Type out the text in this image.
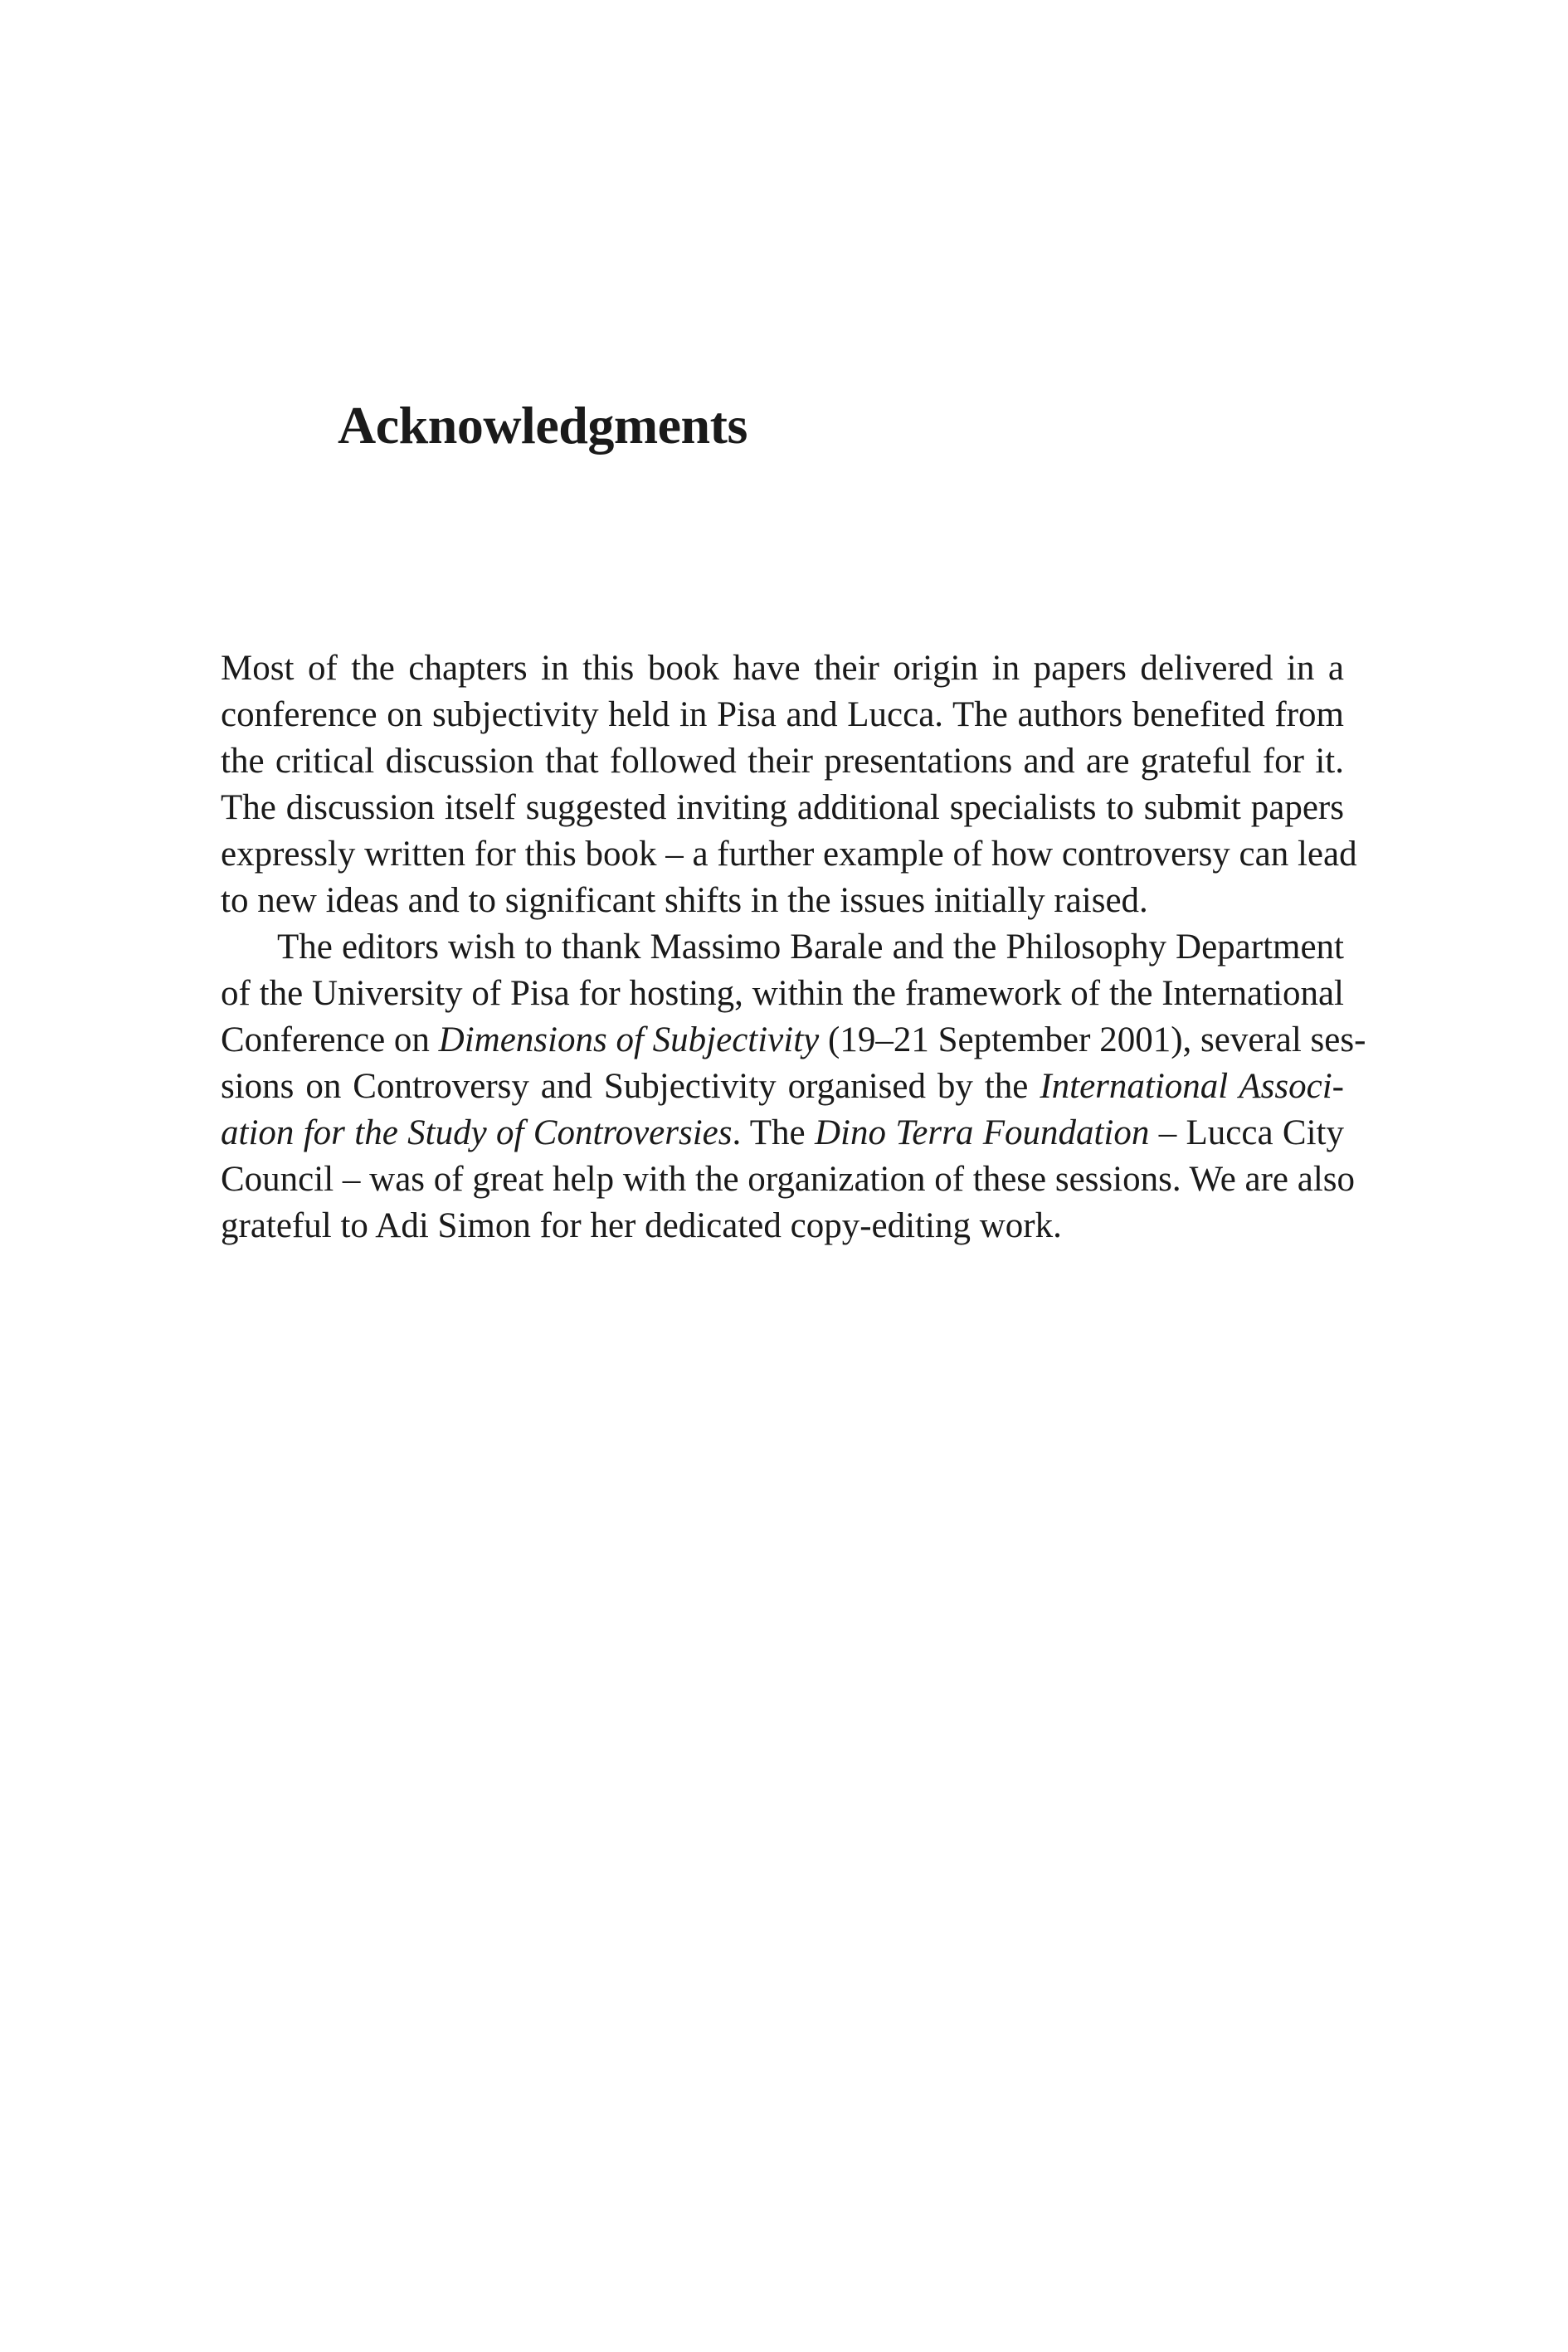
Acknowledgments

Most of the chapters in this book have their origin in papers delivered in a
conference on subjectivity held in Pisa and Lucca. The authors benefited from
the critical discussion that followed their presentations and are grateful for it.
The discussion itself suggested inviting additional specialists to submit papers
expressly written for this book – a further example of how controversy can lead
to new ideas and to significant shifts in the issues initially raised.

The editors wish to thank Massimo Barale and the Philosophy Department
of the University of Pisa for hosting, within the framework of the International
Conference on Dimensions of Subjectivity (19–21 September 2001), several ses-
sions on Controversy and Subjectivity organised by the International Associ-
ation for the Study of Controversies. The Dino Terra Foundation – Lucca City
Council – was of great help with the organization of these sessions. We are also
grateful to Adi Simon for her dedicated copy-editing work.
